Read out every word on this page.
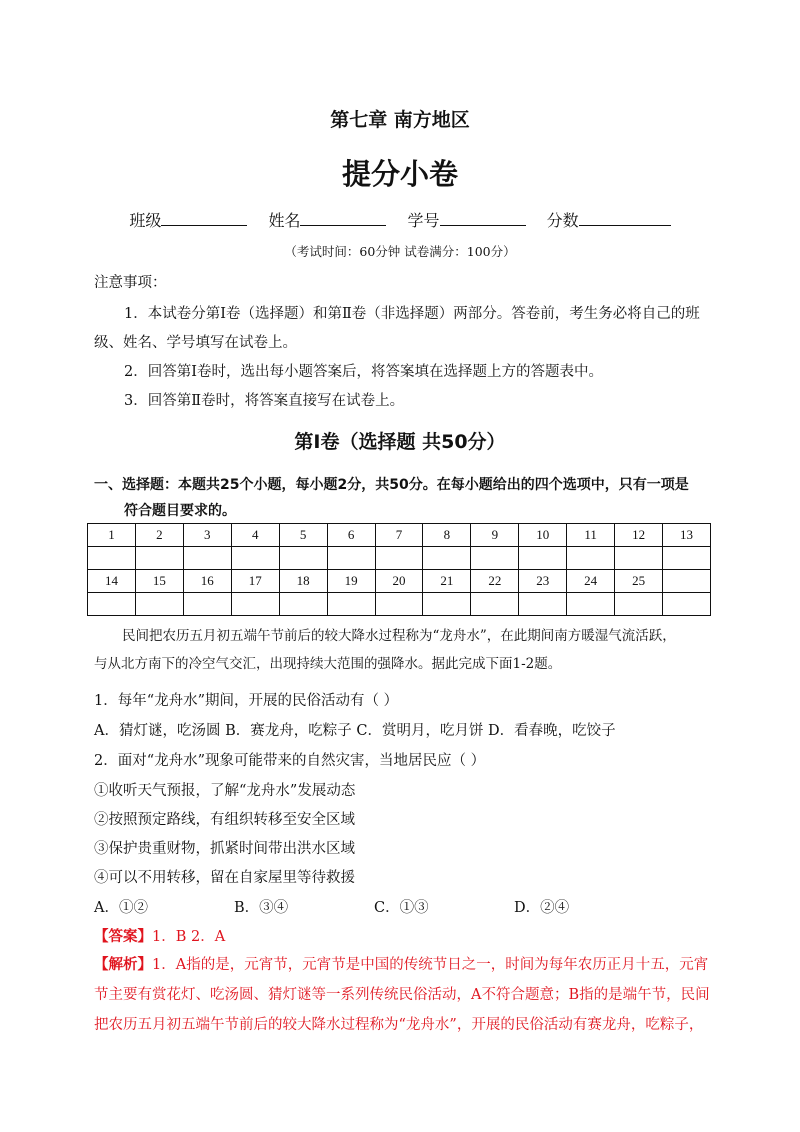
第七章 南方地区
提分小卷
班级	姓名	学号	分数
（考试时间：60分钟 试卷满分：100分）
注意事项：
1．本试卷分第Ⅰ卷（选择题）和第Ⅱ卷（非选择题）两部分。答卷前，考生务必将自己的班
级、姓名、学号填写在试卷上。
2．回答第Ⅰ卷时，选出每小题答案后，将答案填在选择题上方的答题表中。
3．回答第Ⅱ卷时，将答案直接写在试卷上。
第Ⅰ卷（选择题 共50分）
一、选择题：本题共25个小题，每小题2分，共50分。在每小题给出的四个选项中，只有一项是
符合题目要求的。
1	2	3	4	5	6	7	8	9	10	11	12	13

14	15	16	17	18	19	20	21	22	23	24	25	

民间把农历五月初五端午节前后的较大降水过程称为“龙舟水”，在此期间南方暖湿气流活跃，
与从北方南下的冷空气交汇，出现持续大范围的强降水。据此完成下面1-2题。
1．每年“龙舟水”期间，开展的民俗活动有（ ）
A．猜灯谜，吃汤圆 B．赛龙舟，吃粽子 C．赏明月，吃月饼 D．看春晚，吃饺子
2．面对“龙舟水”现象可能带来的自然灾害，当地居民应（ ）
①收听天气预报，了解“龙舟水”发展动态
②按照预定路线，有组织转移至安全区域
③保护贵重财物，抓紧时间带出洪水区域
④可以不用转移，留在自家屋里等待救援
A．①②	B．③④	C．①③	D．②④
【答案】1．B 2．A
【解析】1．A指的是，元宵节，元宵节是中国的传统节日之一，时间为每年农历正月十五，元宵
节主要有赏花灯、吃汤圆、猜灯谜等一系列传统民俗活动，A不符合题意；B指的是端午节，民间
把农历五月初五端午节前后的较大降水过程称为“龙舟水”，开展的民俗活动有赛龙舟，吃粽子，
